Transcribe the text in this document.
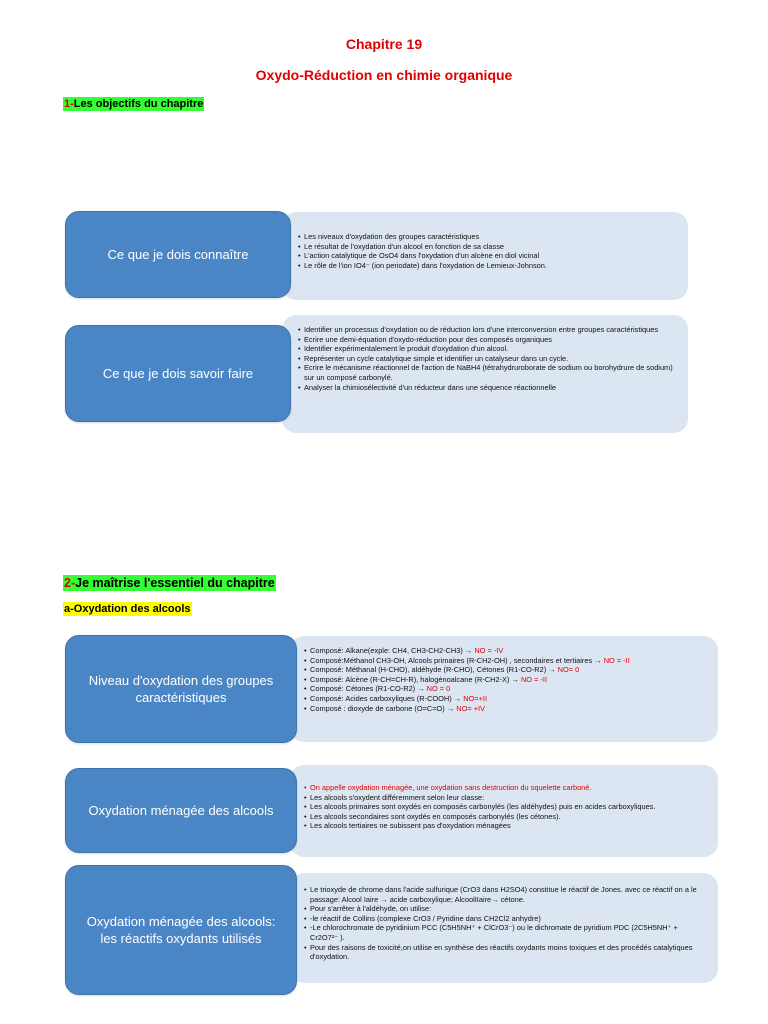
Chapitre 19
Oxydo-Réduction en chimie organique
1-Les objectifs du chapitre
• Les niveaux d'oxydation des groupes caractéristiques
• Le résultat de l'oxydation d'un alcool en fonction de sa classe
• L'action catalytique de OsO4 dans l'oxydation d'un alcène en diol vicinal
• Le rôle de l'ion IO4⁻ (ion periodate) dans l'oxydation de Lemieux-Johnson.
Ce que je dois connaître
• Identifier un processus d'oxydation ou de réduction lors d'une interconversion entre groupes caractéristiques
• Ecrire une demi-équation d'oxydo-réduction pour des composés organiques
• Identifier expérimentalement le produit d'oxydation d'un alcool.
• Représenter un cycle catalytique simple et identifier un catalyseur dans un cycle.
• Ecrire le mécanisme réactionnel de l'action de NaBH4 (tétrahydruroborate de sodium ou borohydrure de sodium) sur un composé carbonylé.
• Analyser la chimiosélectivité d'un réducteur dans une séquence réactionnelle
Ce que je dois savoir faire
2-Je maîtrise l'essentiel du chapitre
a-Oxydation des alcools
• Composé: Alkane(exple: CH4, CH3-CH2-CH3) → NO = -IV
• Composé:Méthanol CH3-OH, Alcools primaires (R-CH2-OH) , secondaires et tertiaires → NO = -II
• Composé: Méthanal (H-CHO), aldéhyde (R-CHO), Cétones (R1-CO-R2) → NO= 0
• Composé: Alcène (R-CH=CH-R), halogénoalcane (R-CH2-X) → NO = -II
• Composé: Cétones (R1-CO-R2) → NO = 0
• Composé: Acides carboxyliques (R-COOH) → NO=+II
• Composé : dioxyde de carbone (O=C=O) → NO= +IV
Niveau d'oxydation des groupes caractéristiques
• On appelle oxydation ménagée, une oxydation sans destruction du squelette carboné.
• Les alcools s'oxydent différemment selon leur classe:
• Les alcools primaires sont oxydés en composés carbonylés (les aldéhydes) puis en acides carboxyliques.
• Les alcools secondaires sont oxydés en composés carbonylés (les cétones).
• Les alcools tertiaires ne subissent pas d'oxydation ménagées
Oxydation ménagée des alcools
• Le trioxyde de chrome dans l'acide sulfurique (CrO3 dans H2SO4) constitue le réactif de Jones. avec ce réactif on a le passage: Alcool Iaire → acide carboxylique; AlcoolIIaire→ cétone.
• Pour s'arrêter à l'aldéhyde, on utilise:
• -le réactif de Collins (complexe CrO3 / Pyridine dans CH2Cl2 anhydre)
• -Le chlorochromate de pyridinium PCC (C5H5NH⁺ + ClCrO3⁻) ou le dichromate de pyridium PDC (2C5H5NH⁺ + Cr2O7²⁻ ).
• Pour des raisons de toxicité,on utilise en synthèse des réactifs oxydants moins toxiques et des procédés catalytiques d'oxydation.
Oxydation ménagée des alcools: les réactifs oxydants utilisés
